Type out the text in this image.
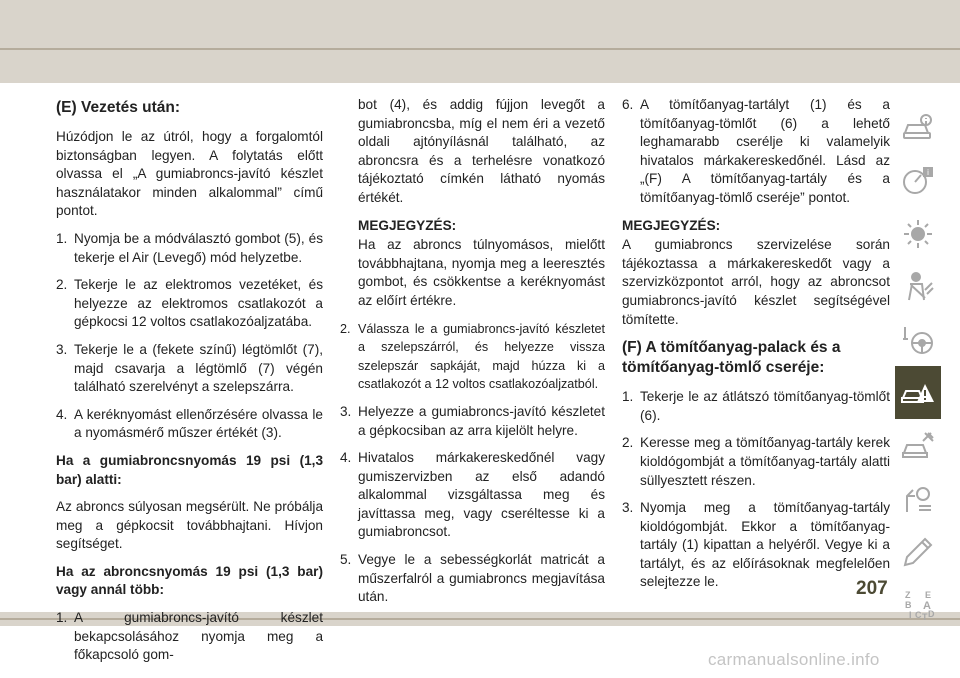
(E) Vezetés után:

Húzódjon le az útról, hogy a forgalomtól biztonságban legyen. A folytatás előtt olvassa el „A gumiabroncs-javító készlet használatakor minden alkalommal” című pontot.

1. Nyomja be a módválasztó gombot (5), és tekerje el Air (Levegő) mód helyzetbe.
2. Tekerje le az elektromos vezetéket, és helyezze az elektromos csatlakozót a gépkocsi 12 voltos csatlakozóaljzatába.
3. Tekerje le a (fekete színű) légtömlőt (7), majd csavarja a légtömlő (7) végén található szerelvényt a szelepszárra.
4. A keréknyomást ellenőrzésére olvassa le a nyomásmérő műszer értékét (3).

Ha a gumiabroncsnyomás 19 psi (1,3 bar) alatti:

Az abroncs súlyosan megsérült. Ne próbálja meg a gépkocsit továbbhajtani. Hívjon segítséget.

Ha az abroncsnyomás 19 psi (1,3 bar) vagy annál több:

1. A gumiabroncs-javító készlet bekapcsolásához nyomja meg a főkapcsoló gom-

bot (4), és addig fújjon levegőt a gumiabroncsba, míg el nem éri a vezető oldali ajtónyílásnál található, az abroncsra és a terhelésre vonatkozó tájékoztató címkén látható nyomás értékét.

MEGJEGYZÉS:
Ha az abroncs túlnyomásos, mielőtt továbbhajtana, nyomja meg a leeresztés gombot, és csökkentse a keréknyomást az előírt értékre.
2. Válassza le a gumiabroncs-javító készletet a szelepszárról, és helyezze vissza szelepszár sapkáját, majd húzza ki a csatlakozót a 12 voltos csatlakozóaljzatból.
3. Helyezze a gumiabroncs-javító készletet a gépkocsiban az arra kijelölt helyre.
4. Hivatalos márkakereskedőnél vagy gumiszervizben az első adandó alkalommal vizsgáltassa meg és javíttassa meg, vagy cseréltesse ki a gumiabroncsot.
5. Vegye le a sebességkorlát matricát a műszerfalról a gumiabroncs megjavítása után.
6. A tömítőanyag-tartályt (1) és a tömítőanyag-tömlőt (6) a lehető leghamarabb cserélje ki valamelyik hivatalos márkakereskedőnél. Lásd az „(F) A tömítőanyag-tartály és a tömítőanyag-tömlő cseréje” pontot.
MEGJEGYZÉS:
A gumiabroncs szervizelése során tájékoztassa a márkakereskedőt vagy a szervizközpontot arról, hogy az abroncsot gumiabroncs-javító készlet segítségével tömítette.
(F) A tömítőanyag-palack és a tömítőanyag-tömlő cseréje:
1. Tekerje le az átlátszó tömítőanyag-tömlőt (6).
2. Keresse meg a tömítőanyag-tartály kerek kioldógombját a tömítőanyag-tartály alatti süllyesztett részen.
3. Nyomja meg a tömítőanyag-tartály kioldógombját. Ekkor a tömítőanyag-tartály (1) kipattan a helyéről. Vegye ki a tartályt, és az előírásoknak megfelelően selejtezze le.
i
Z E
B A
I C T D
207
carmanualsonline.info
